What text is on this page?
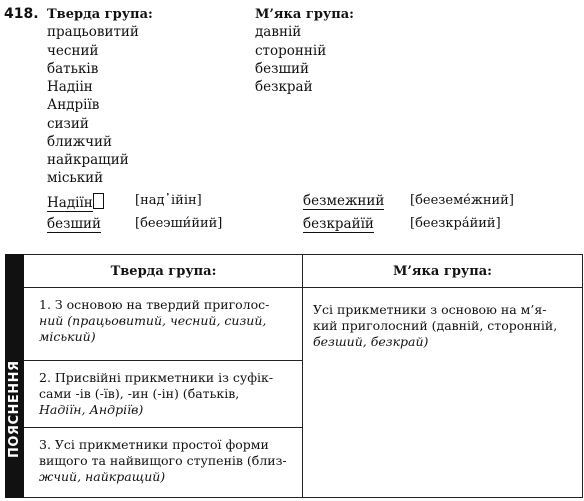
418. Тверда група:
працьовитий
чесний
батьків
Надіін
Андріїв
сизий
ближчий
найкращий
міський
М’яка група:
давній
сторонній
безший
безкрай
Надіїн	[над᾽ійін]	безмежний [бееземе́жний]
безший	[бееэши́йий]	безкрайїй	[беезкра́йий]
ПОЯСНЕННЯ
Тверда група:	М’яка група:
1. З основою на твердий приголос-
ний (працьовитий, чесний, сизий,
міський)
2. Присвійні прикметники із суфік-
сами -ів (-їв), -ин (-ін) (батьків,
Надіїн, Андріїв)
3. Усі прикметники простої форми
вищого та найвищого ступенів (близ-
жчий, найкращий)
Усі прикметники з основою на м’я-
кий приголосний (давній, сторонній,
безший, безкрай)
